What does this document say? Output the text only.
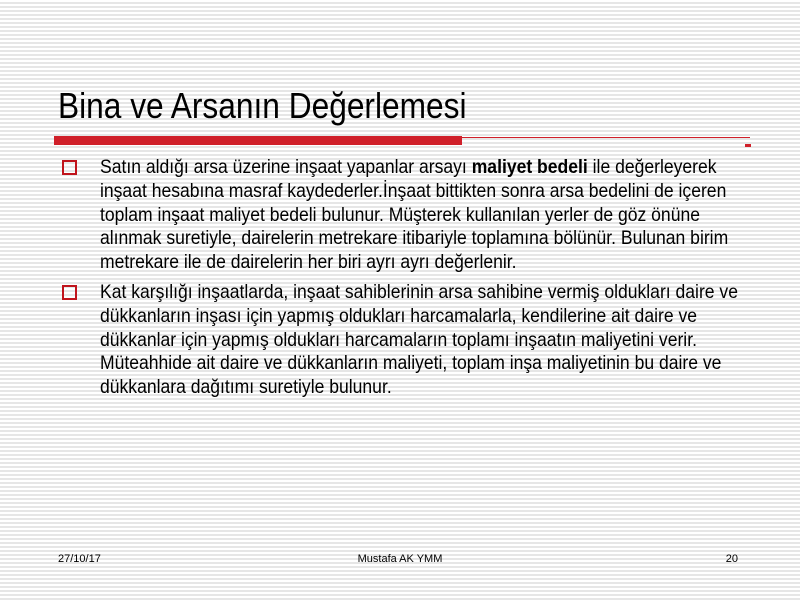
Bina ve Arsanın Değerlemesi
Satın aldığı arsa üzerine inşaat yapanlar arsayı maliyet bedeli ile değerleyerek inşaat hesabına masraf kaydederler.İnşaat bittikten sonra arsa bedelini de içeren toplam inşaat maliyet bedeli bulunur. Müşterek kullanılan yerler de göz önüne alınmak suretiyle, dairelerin metrekare itibariyle toplamına bölünür. Bulunan birim metrekare ile de dairelerin her biri ayrı ayrı değerlenir.
Kat karşılığı inşaatlarda, inşaat sahiblerinin arsa sahibine vermiş oldukları daire ve dükkanların inşası için yapmış oldukları harcamalarla, kendilerine ait daire ve dükkanlar için yapmış oldukları harcamaların toplamı inşaatın maliyetini verir. Müteahhide ait daire ve dükkanların maliyeti, toplam inşa maliyetinin bu daire ve dükkanlara dağıtımı suretiyle bulunur.
27/10/17	Mustafa AK YMM	20
